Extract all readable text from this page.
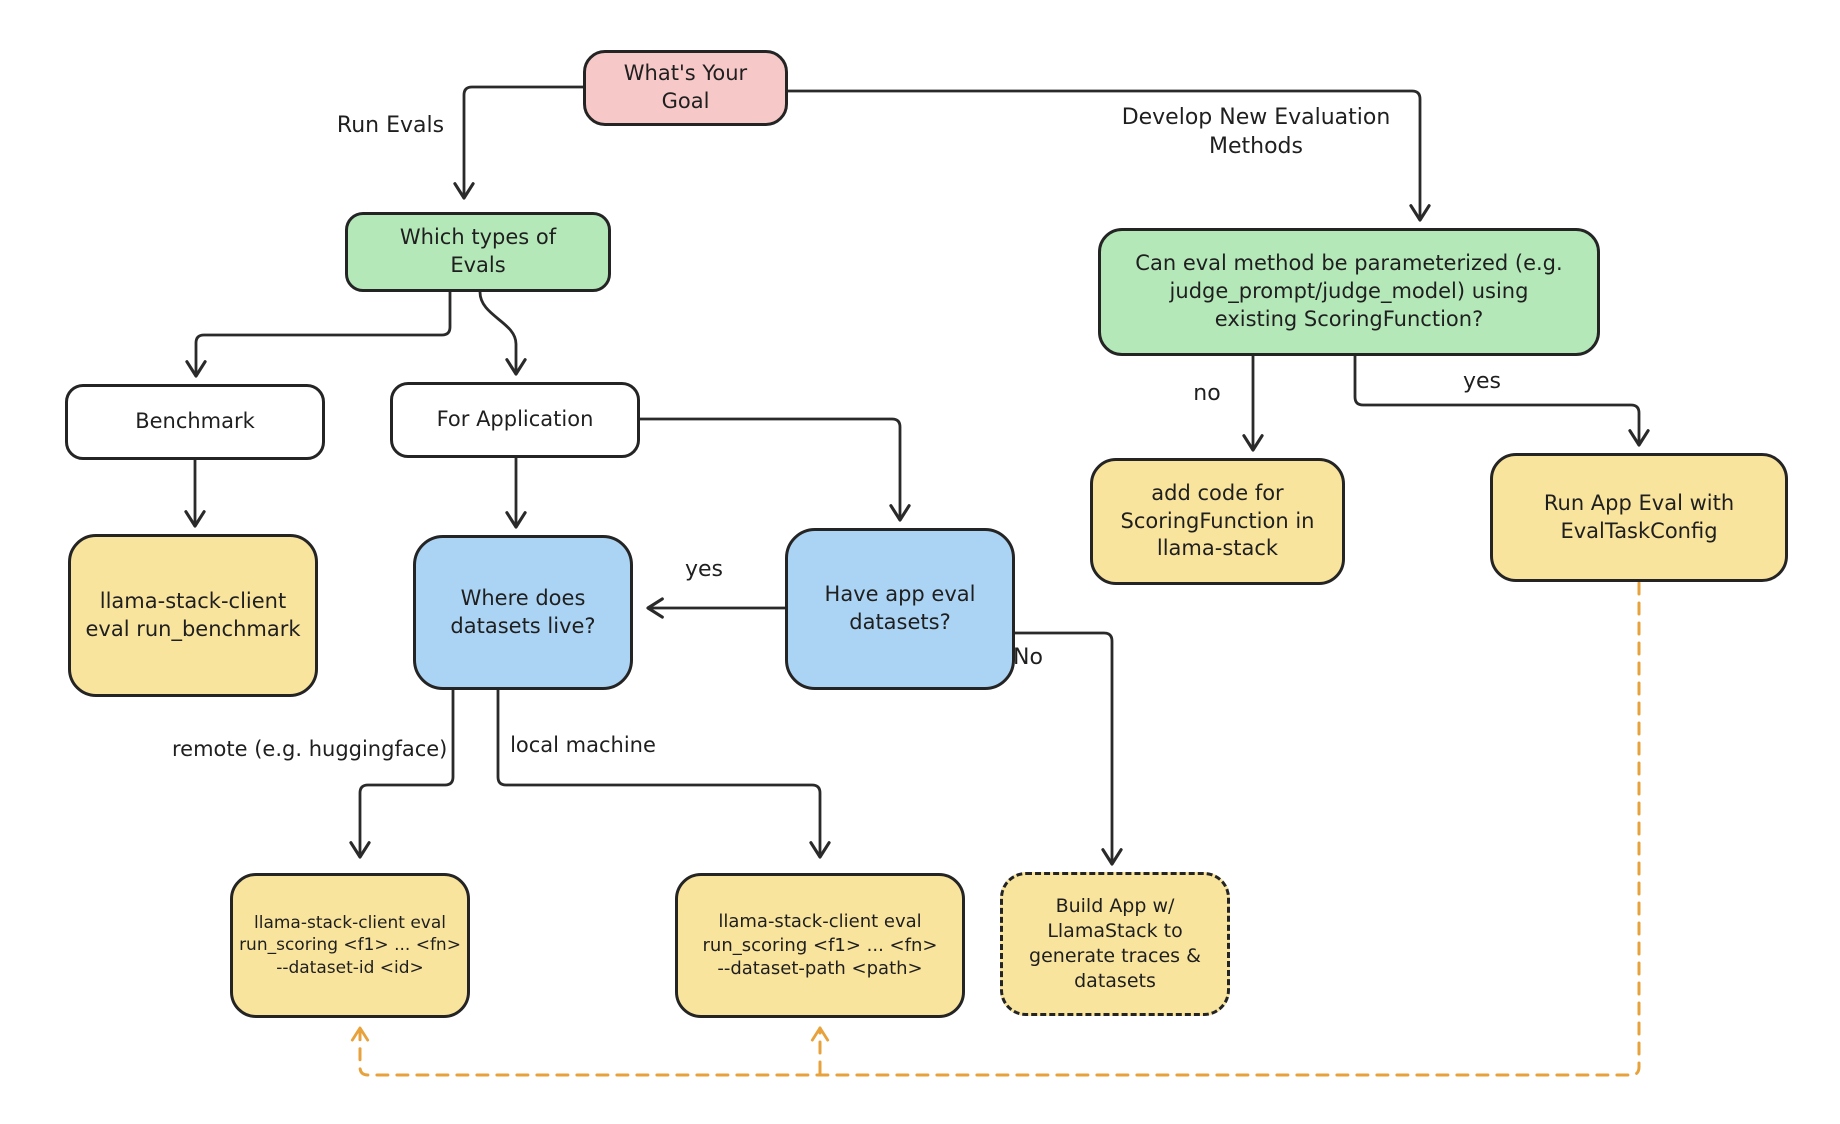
What's Your
Goal
Which types of
Evals	Can eval method be parameterized (e.g.
judge_prompt/judge_model) using
existing ScoringFunction?
Benchmark	For Application
llama-stack-client
eval run_benchmark
Where does
datasets live?
Have app eval
datasets?
add code for
ScoringFunction in
llama-stack
Run App Eval with
EvalTaskConfig
llama-stack-client eval
run_scoring <f1> ... <fn>
--dataset-id <id>
llama-stack-client eval
run_scoring <f1> ... <fn>
--dataset-path <path>
Build App w/
LlamaStack to
generate traces &
datasets
Run Evals	Develop New Evaluation
Methods
no	yes
yes
No
remote (e.g. huggingface)	local machine
